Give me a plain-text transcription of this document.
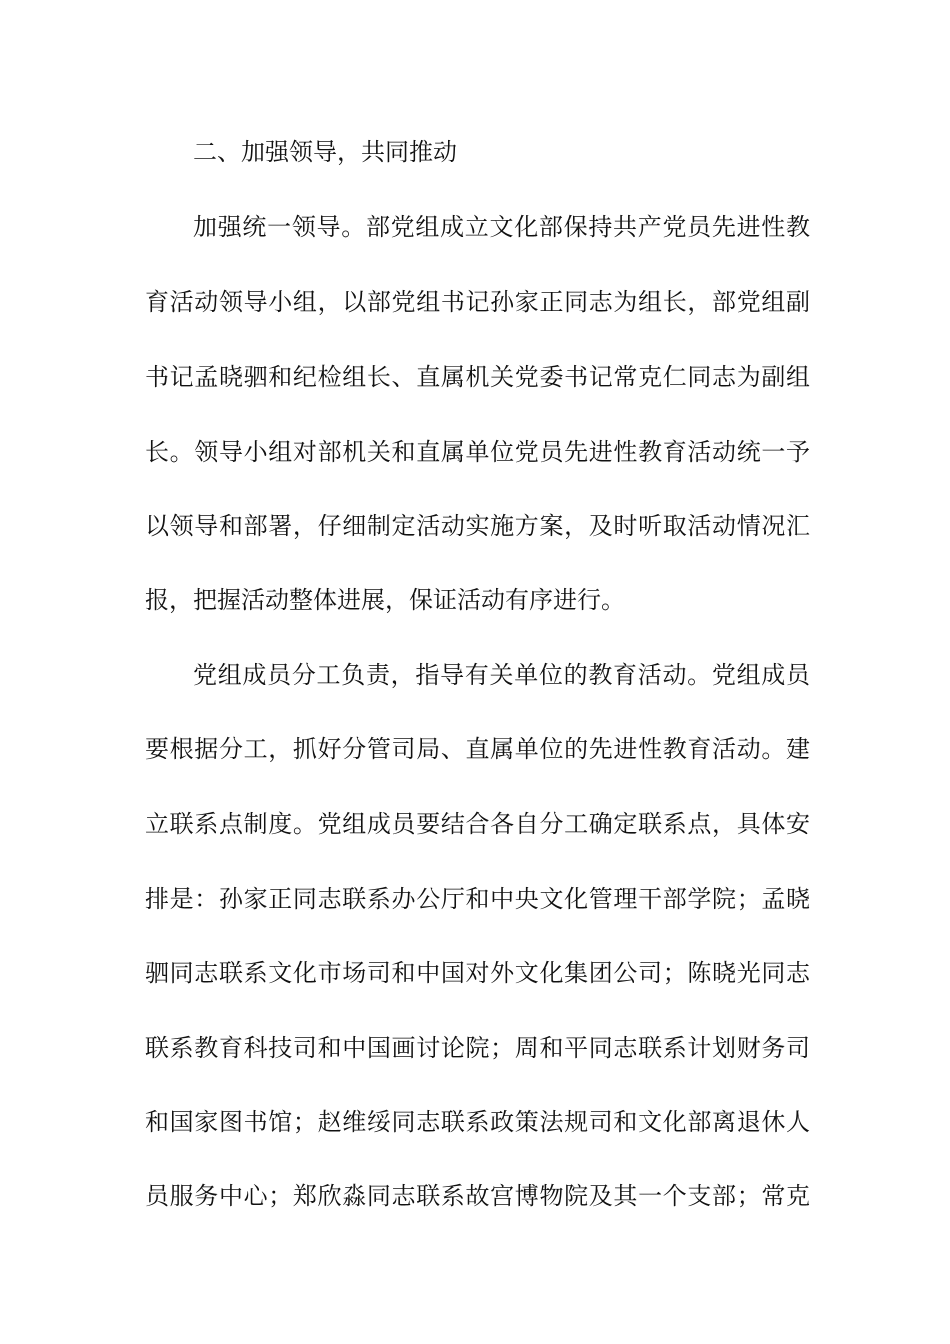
二、加强领导，共同推动
加强统一领导。部党组成立文化部保持共产党员先进性教
育活动领导小组，以部党组书记孙家正同志为组长，部党组副
书记孟晓驷和纪检组长、直属机关党委书记常克仁同志为副组
长。领导小组对部机关和直属单位党员先进性教育活动统一予
以领导和部署，仔细制定活动实施方案，及时听取活动情况汇
报，把握活动整体进展，保证活动有序进行。
党组成员分工负责，指导有关单位的教育活动。党组成员
要根据分工，抓好分管司局、直属单位的先进性教育活动。建
立联系点制度。党组成员要结合各自分工确定联系点，具体安
排是：孙家正同志联系办公厅和中央文化管理干部学院；孟晓
驷同志联系文化市场司和中国对外文化集团公司；陈晓光同志
联系教育科技司和中国画讨论院；周和平同志联系计划财务司
和国家图书馆；赵维绥同志联系政策法规司和文化部离退休人
员服务中心；郑欣淼同志联系故宫博物院及其一个支部；常克
